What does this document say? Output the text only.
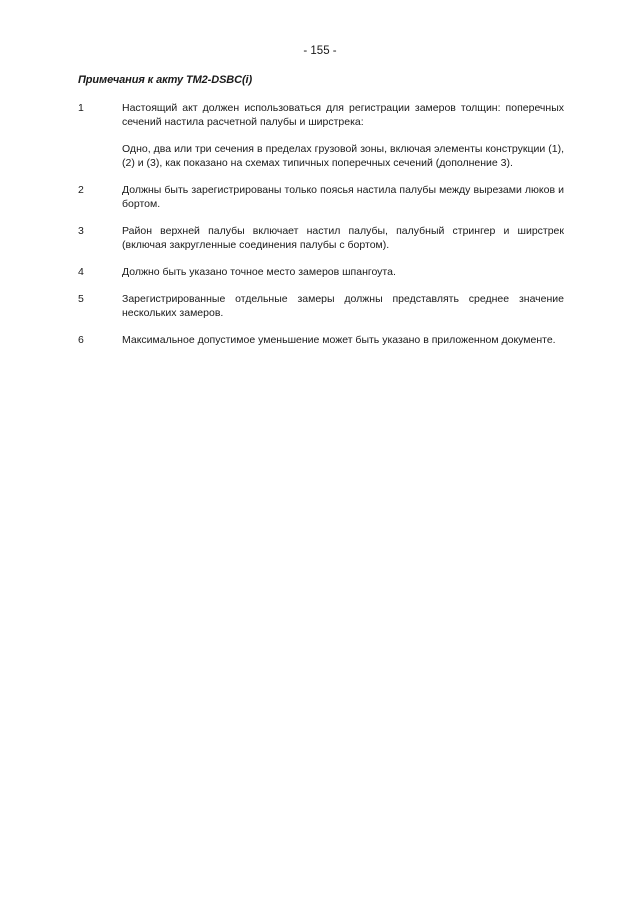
- 155 -
Примечания к акту TM2-DSBC(i)
1	Настоящий акт должен использоваться для регистрации замеров толщин: поперечных сечений настила расчетной палубы и ширстрека:

Одно, два или три сечения в пределах грузовой зоны, включая элементы конструкции (1), (2) и (3), как показано на схемах типичных поперечных сечений (дополнение 3).

2	Должны быть зарегистрированы только поясья настила палубы между вырезами люков и бортом.

3	Район верхней палубы включает настил палубы, палубный стрингер и ширстрек (включая закругленные соединения палубы с бортом).

4	Должно быть указано точное место замеров шпангоута.

5	Зарегистрированные отдельные замеры должны представлять среднее значение нескольких замеров.

6	Максимальное допустимое уменьшение может быть указано в приложенном документе.
